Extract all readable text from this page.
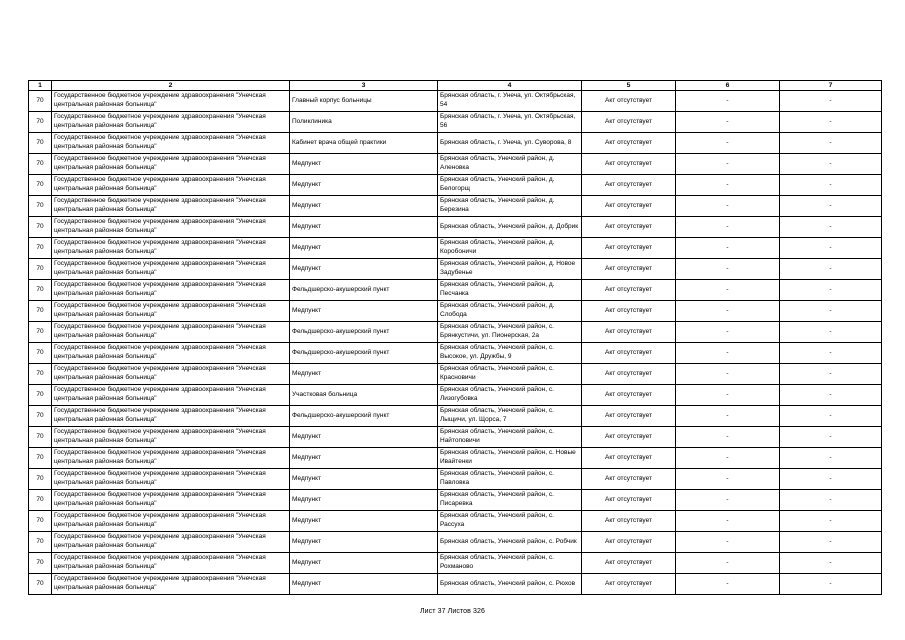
1	2	3	4	5	6	7
70	Государственное бюджетное учреждение здравоохранения "Унечская центральная районная больница"	Главный корпус больницы	Брянская область, г. Унеча, ул. Октябрьская, 54	Акт отсутствует	-	-
70	Государственное бюджетное учреждение здравоохранения "Унечская центральная районная больница"	Поликлиника	Брянская область, г. Унеча, ул. Октябрьская, 56	Акт отсутствует	-	-
70	Государственное бюджетное учреждение здравоохранения "Унечская центральная районная больница"	Кабинет врача общей практики	Брянская область, г. Унеча, ул. Суворова, 8	Акт отсутствует	-	-
70	Государственное бюджетное учреждение здравоохранения "Унечская центральная районная больница"	Медпункт	Брянская область, Унечский район, д. Аленовка	Акт отсутствует	-	-
70	Государственное бюджетное учреждение здравоохранения "Унечская центральная районная больница"	Медпункт	Брянская область, Унечский район, д. Белогорщ	Акт отсутствует	-	-
70	Государственное бюджетное учреждение здравоохранения "Унечская центральная районная больница"	Медпункт	Брянская область, Унечский район, д. Березина	Акт отсутствует	-	-
70	Государственное бюджетное учреждение здравоохранения "Унечская центральная районная больница"	Медпункт	Брянская область, Унечский район, д. Добрик	Акт отсутствует	-	-
70	Государственное бюджетное учреждение здравоохранения "Унечская центральная районная больница"	Медпункт	Брянская область, Унечский район, д. Коробоничи	Акт отсутствует	-	-
70	Государственное бюджетное учреждение здравоохранения "Унечская центральная районная больница"	Медпункт	Брянская область, Унечский район, д. Новое Задубенье	Акт отсутствует	-	-
70	Государственное бюджетное учреждение здравоохранения "Унечская центральная районная больница"	Фельдшерско-акушерский пункт	Брянская область, Унечский район, д. Песчанка	Акт отсутствует	-	-
70	Государственное бюджетное учреждение здравоохранения "Унечская центральная районная больница"	Медпункт	Брянская область, Унечский район, д. Слобода	Акт отсутствует	-	-
70	Государственное бюджетное учреждение здравоохранения "Унечская центральная районная больница"	Фельдшерско-акушерский пункт	Брянская область, Унечский район, с. Брянкустичи, ул. Пионерская, 2а	Акт отсутствует	-	-
70	Государственное бюджетное учреждение здравоохранения "Унечская центральная районная больница"	Фельдшерско-акушерский пункт	Брянская область, Унечский район, с. Высокое, ул. Дружбы, 9	Акт отсутствует	-	-
70	Государственное бюджетное учреждение здравоохранения "Унечская центральная районная больница"	Медпункт	Брянская область, Унечский район, с. Красновичи	Акт отсутствует	-	-
70	Государственное бюджетное учреждение здравоохранения "Унечская центральная районная больница"	Участковая больница	Брянская область, Унечский район, с. Лизогубовка	Акт отсутствует	-	-
70	Государственное бюджетное учреждение здравоохранения "Унечская центральная районная больница"	Фельдшерско-акушерский пункт	Брянская область, Унечский район, с. Лыщичи, ул. Щорса, 7	Акт отсутствует	-	-
70	Государственное бюджетное учреждение здравоохранения "Унечская центральная районная больница"	Медпункт	Брянская область, Унечский район, с. Найтоповичи	Акт отсутствует	-	-
70	Государственное бюджетное учреждение здравоохранения "Унечская центральная районная больница"	Медпункт	Брянская область, Унечский район, с. Новые Ивайтенки	Акт отсутствует	-	-
70	Государственное бюджетное учреждение здравоохранения "Унечская центральная районная больница"	Медпункт	Брянская область, Унечский район, с. Павловка	Акт отсутствует	-	-
70	Государственное бюджетное учреждение здравоохранения "Унечская центральная районная больница"	Медпункт	Брянская область, Унечский район, с. Писаревка	Акт отсутствует	-	-
70	Государственное бюджетное учреждение здравоохранения "Унечская центральная районная больница"	Медпункт	Брянская область, Унечский район, с. Рассуха	Акт отсутствует	-	-
70	Государственное бюджетное учреждение здравоохранения "Унечская центральная районная больница"	Медпункт	Брянская область, Унечский район, с. Робчик	Акт отсутствует	-	-
70	Государственное бюджетное учреждение здравоохранения "Унечская центральная районная больница"	Медпункт	Брянская область, Унечский район, с. Рохманово	Акт отсутствует	-	-
70	Государственное бюджетное учреждение здравоохранения "Унечская центральная районная больница"	Медпункт	Брянская область, Унечский район, с. Рюхов	Акт отсутствует	-	-
Лист 37 Листов 326
